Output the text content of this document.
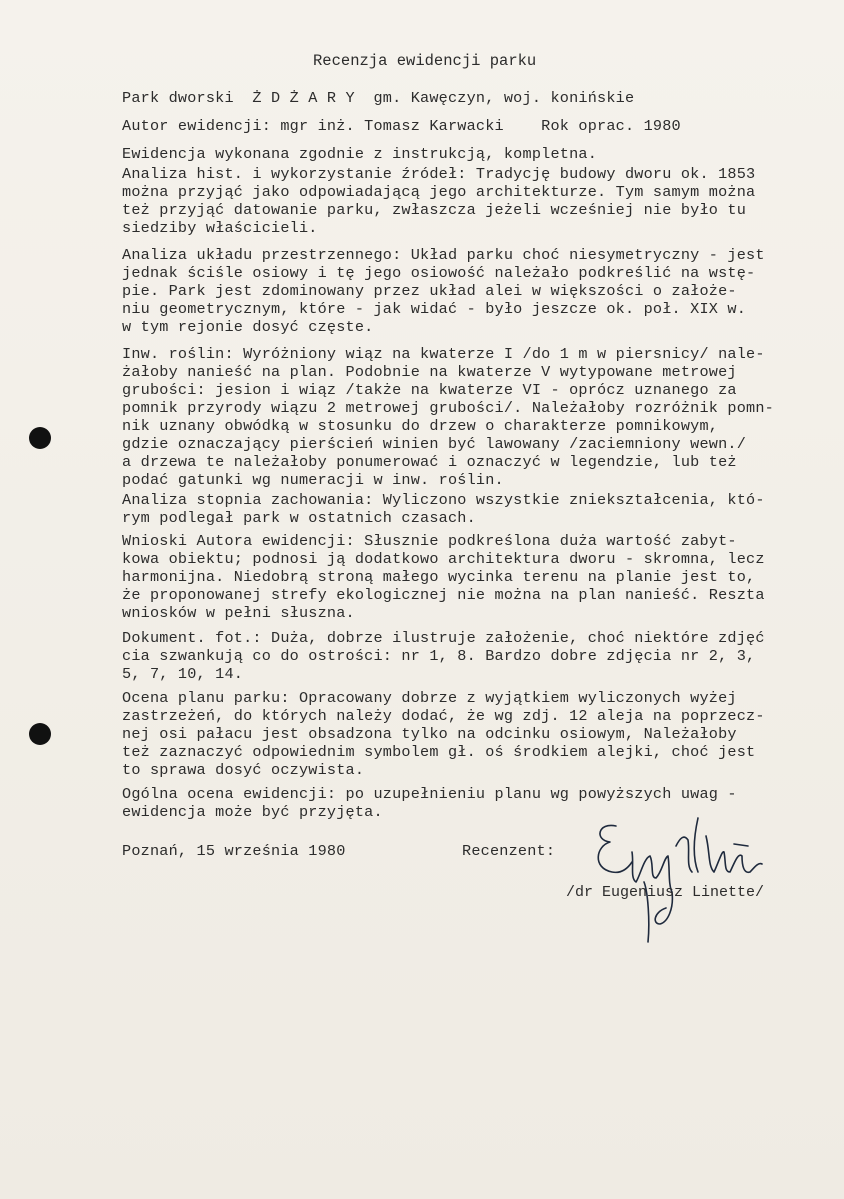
Recenzja ewidencji parku
Park dworski  Ż D Ż A R Y  gm. Kawęczyn, woj. konińskie
Autor ewidencji: mgr inż. Tomasz Karwacki    Rok oprac. 1980
Ewidencja wykonana zgodnie z instrukcją, kompletna.
Analiza hist. i wykorzystanie źródeł: Tradycję budowy dworu ok. 1853
można przyjąć jako odpowiadającą jego architekturze. Tym samym można
też przyjąć datowanie parku, zwłaszcza jeżeli wcześniej nie było tu
siedziby właścicieli.
Analiza układu przestrzennego: Układ parku choć niesymetryczny - jest
jednak ściśle osiowy i tę jego osiowość należało podkreślić na wstę-
pie. Park jest zdominowany przez układ alei w większości o założe-
niu geometrycznym, które - jak widać - było jeszcze ok. poł. XIX w.
w tym rejonie dosyć częste.
Inw. roślin: Wyróżniony wiąz na kwaterze I /do 1 m w piersnicy/ nale-
żałoby nanieść na plan. Podobnie na kwaterze V wytypowane metrowej
grubości: jesion i wiąz /także na kwaterze VI - oprócz uznanego za
pomnik przyrody wiązu 2 metrowej grubości/. Należałoby rozróżnik pomn-
nik uznany obwódką w stosunku do drzew o charakterze pomnikowym,
gdzie oznaczający pierścień winien być lawowany /zaciemniony wewn./
a drzewa te należałoby ponumerować i oznaczyć w legendzie, lub też
podać gatunki wg numeracji w inw. roślin.
Analiza stopnia zachowania: Wyliczono wszystkie zniekształcenia, któ-
rym podlegał park w ostatnich czasach.
Wnioski Autora ewidencji: Słusznie podkreślona duża wartość zabyt-
kowa obiektu; podnosi ją dodatkowo architektura dworu - skromna, lecz
harmonijna. Niedobrą stroną małego wycinka terenu na planie jest to,
że proponowanej strefy ekologicznej nie można na plan nanieść. Reszta
wniosków w pełni słuszna.
Dokument. fot.: Duża, dobrze ilustruje założenie, choć niektóre zdjęć
cia szwankują co do ostrości: nr 1, 8. Bardzo dobre zdjęcia nr 2, 3,
5, 7, 10, 14.
Ocena planu parku: Opracowany dobrze z wyjątkiem wyliczonych wyżej
zastrzeżeń, do których należy dodać, że wg zdj. 12 aleja na poprzecz-
nej osi pałacu jest obsadzona tylko na odcinku osiowym, Należałoby
też zaznaczyć odpowiednim symbolem gł. oś środkiem alejki, choć jest
to sprawa dosyć oczywista.
Ogólna ocena ewidencji: po uzupełnieniu planu wg powyższych uwag -
ewidencja może być przyjęta.
Poznań, 15 września 1980	Recenzent:
/dr Eugeniusz Linette/
